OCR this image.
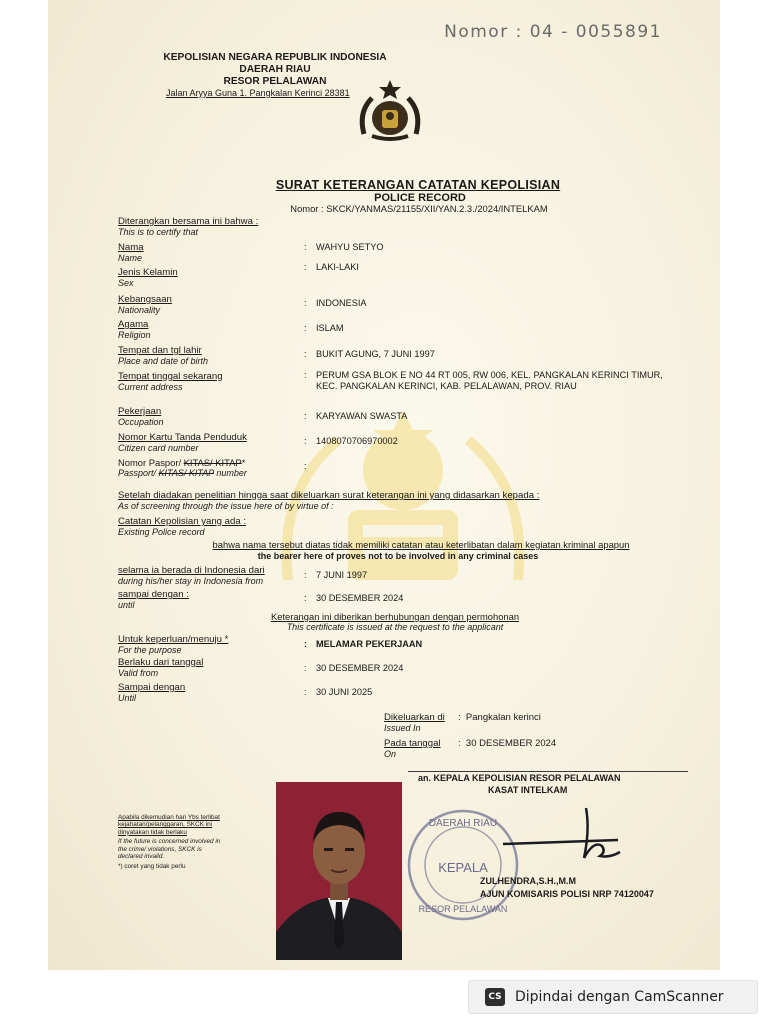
Nomor : 04 - 0055891
KEPOLISIAN NEGARA REPUBLIK INDONESIA
DAERAH RIAU
RESOR PELALAWAN
Jalan Aryya Guna 1. Pangkalan Kerinci 28381
SURAT KETERANGAN CATATAN KEPOLISIAN
POLICE RECORD
Nomor : SKCK/YANMAS/21155/XII/YAN.2.3./2024/INTELKAM
Diterangkan bersama ini bahwa :
This is to certify that
Nama
Name
: WAHYU SETYO
Jenis Kelamin
Sex
: LAKI-LAKI
Kebangsaan
Nationality
: INDONESIA
Agama
Religion
: ISLAM
Tempat dan tgl lahir
Place and date of birth
: BUKIT AGUNG, 7 JUNI 1997
Tempat tinggal sekarang
Current address
:	PERUM GSA BLOK E NO 44 RT 005, RW 006, KEL. PANGKALAN KERINCI TIMUR, KEC. PANGKALAN KERINCI, KAB. PELALAWAN, PROV. RIAU
Pekerjaan
Occupation
: KARYAWAN SWASTA
Nomor Kartu Tanda Penduduk
Citizen card number
: 1408070706970002
Nomor Paspor/ KITAS/ KITAP*
Passport/ KITAS/ KITAP number
:
Setelah diadakan penelitian hingga saat dikeluarkan surat keterangan ini yang didasarkan kepada :
As of screening through the issue here of by virtue of :
Catatan Kepolisian yang ada :
Existing Police record
bahwa nama tersebut diatas tidak memiliki catatan atau keterlibatan dalam kegiatan kriminal apapun
the bearer here of proves not to be involved in any criminal cases
selama ia berada di Indonesia dari
during his/her stay in Indonesia from
: 7 JUNI 1997
sampai dengan :
until
: 30 DESEMBER 2024
Keterangan ini diberikan berhubungan dengan permohonan
This certificate is issued at the request to the applicant
Untuk keperluan/menuju *
For the purpose
: MELAMAR PEKERJAAN
Berlaku dari tanggal
Valid from	: 30 DESEMBER 2024
Sampai dengan
Until
: 30 JUNI 2025
Dikeluarkan di
Issued In
:  Pangkalan kerinci
Pada tanggal
On
:  30 DESEMBER 2024
an. KEPALA KEPOLISIAN RESOR PELALAWAN
KASAT INTELKAM
DAERAH RIAU
KEPALA
RESOR PELALAWAN
ZULHENDRA,S.H.,M.M
AJUN KOMISARIS POLISI NRP 74120047
Apabila dikemudian hari Ybs terlibat kejahatan/pelanggaran, SKCK ini dinyatakan tidak berlaku
If the future is concerned involved in the crime/ violations, SKCK is declared invalid.
*) coret yang tidak perlu
CS Dipindai dengan CamScanner
